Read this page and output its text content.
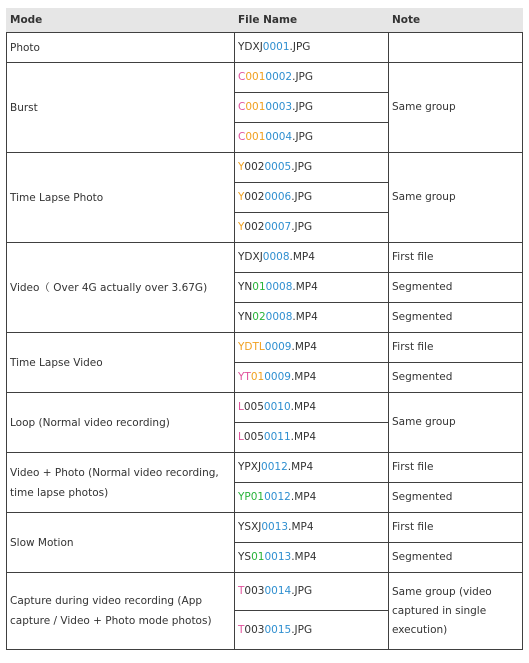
Mode	File Name	Note
Photo	YDXJ0001.JPG	
Burst	C0010002.JPG	Same group
	C0010003.JPG	
	C0010004.JPG	
Time Lapse Photo	Y0020005.JPG	Same group
	Y0020006.JPG	
	Y0020007.JPG	
Video（ Over 4G actually over 3.67G)	YDXJ0008.MP4	First file
	YN010008.MP4	Segmented
	YN020008.MP4	Segmented
Time Lapse Video	YDTL0009.MP4	First file
	YT010009.MP4	Segmented
Loop (Normal video recording)	L0050010.MP4	Same group
	L0050011.MP4	
Video + Photo (Normal video recording, time lapse photos)	YPXJ0012.MP4	First file
	YP010012.MP4	Segmented
Slow Motion	YSXJ0013.MP4	First file
	YS010013.MP4	Segmented
Capture during video recording (App capture / Video + Photo mode photos)	T0030014.JPG	Same group (video captured in single execution)
	T0030015.JPG	
